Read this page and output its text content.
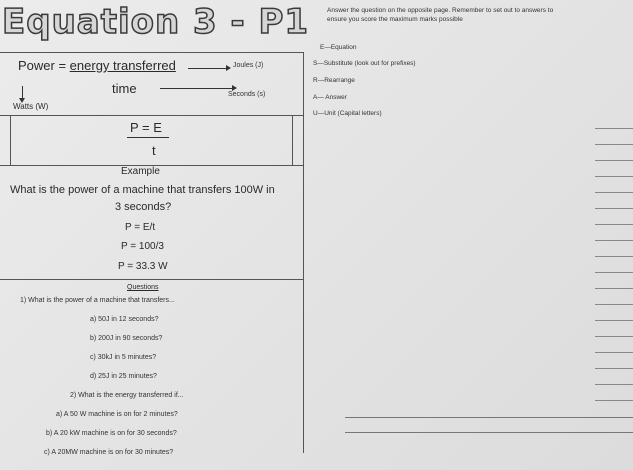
Equation 3 - P1
Power = energy transferred	Joules (J)
time	Seconds (s)
Watts (W)
P = E
t
Example
What is the power of a machine that transfers 100W in
3 seconds?
P = E/t
P = 100/3
P = 33.3 W
Questions
1) What is the power of a machine that transfers...
a) 50J in 12 seconds?
b) 200J in 90 seconds?
c) 30kJ in 5 minutes?
d) 25J in 25 minutes?
2) What is the energy transferred if...
a) A 50 W machine is on for 2 minutes?
b) A 20 kW machine is on for 30 seconds?
c) A 20MW machine is on for 30 minutes?
Answer the question on the opposite page. Remember to set out to answers to
ensure you score the maximum marks possible
E—Equation
S—Substitute (look out for prefixes)
R—Rearrange
A— Answer
U—Unit (Capital letters)
